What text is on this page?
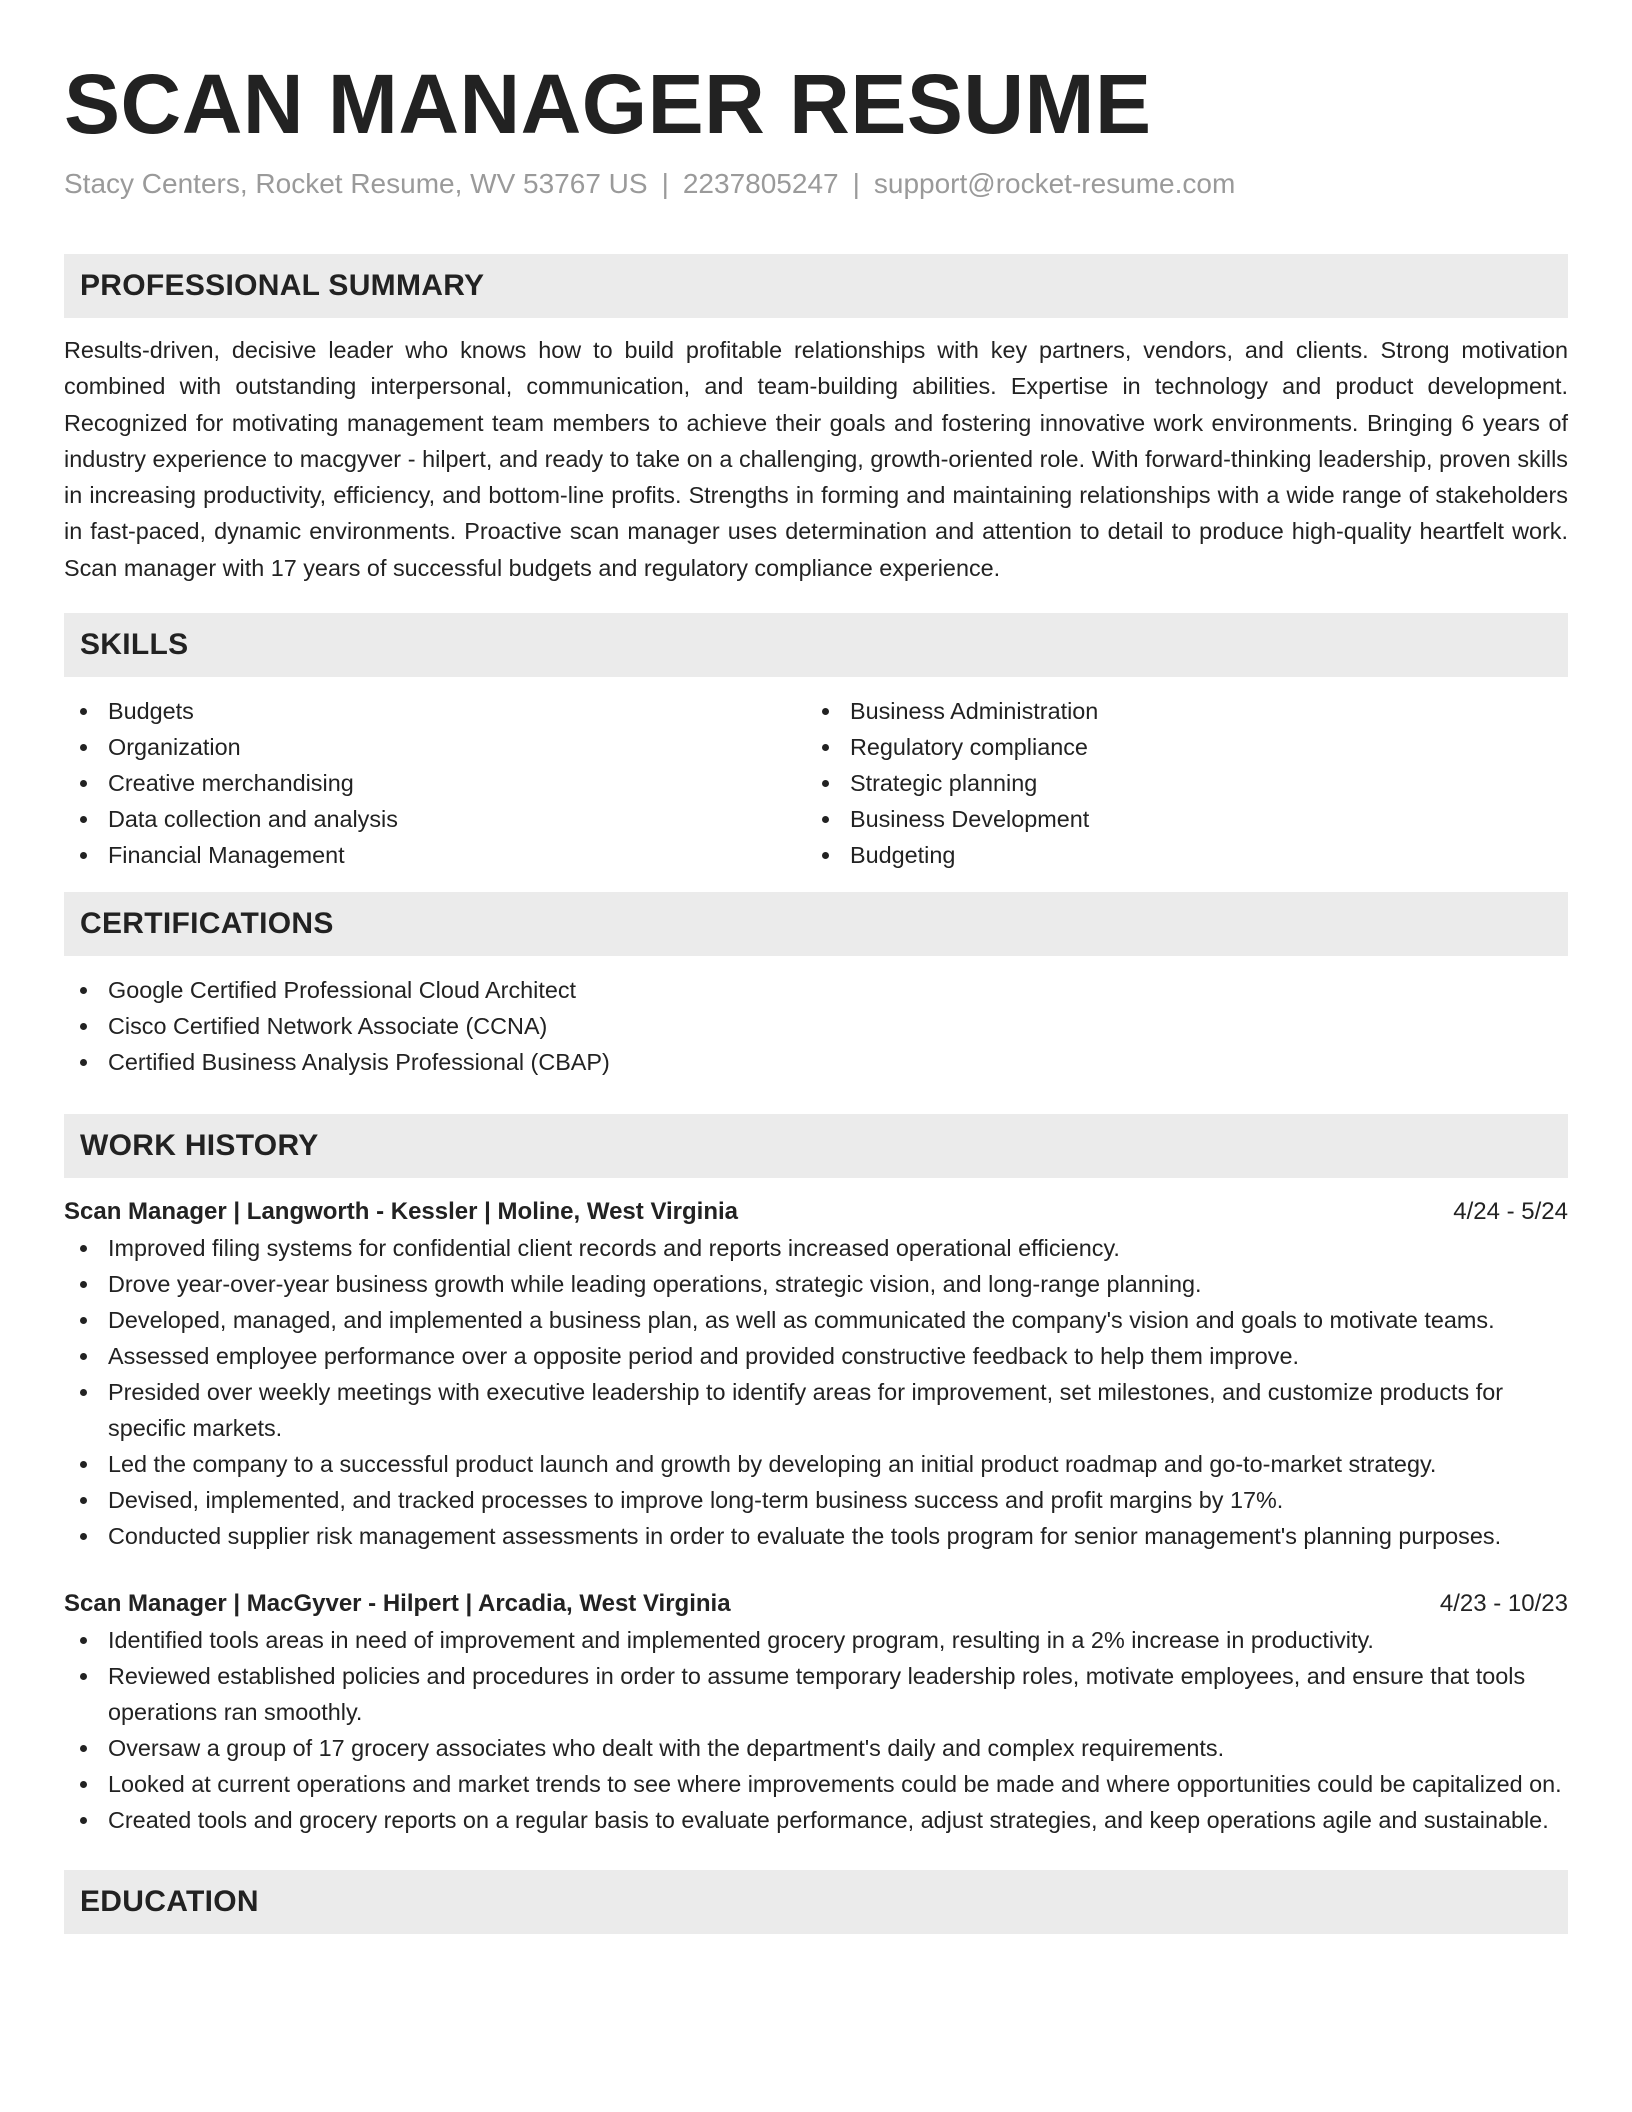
SCAN MANAGER RESUME
Stacy Centers, Rocket Resume, WV 53767 US | 2237805247 | support@rocket-resume.com
PROFESSIONAL SUMMARY

Results-driven, decisive leader who knows how to build profitable relationships with key partners, vendors, and clients. Strong motivation combined with outstanding interpersonal, communication, and team-building abilities. Expertise in technology and product development. Recognized for motivating management team members to achieve their goals and fostering innovative work environments. Bringing 6 years of industry experience to macgyver - hilpert, and ready to take on a challenging, growth-oriented role. With forward-thinking leadership, proven skills in increasing productivity, efficiency, and bottom-line profits. Strengths in forming and maintaining relationships with a wide range of stakeholders in fast-paced, dynamic environments. Proactive scan manager uses determination and attention to detail to produce high-quality heartfelt work. Scan manager with 17 years of successful budgets and regulatory compliance experience.

SKILLS
Budgets
Organization
Creative merchandising
Data collection and analysis
Financial Management
Business Administration
Regulatory compliance
Strategic planning
Business Development
Budgeting
CERTIFICATIONS
Google Certified Professional Cloud Architect
Cisco Certified Network Associate (CCNA)
Certified Business Analysis Professional (CBAP)
WORK HISTORY
Scan Manager | Langworth - Kessler | Moline, West Virginia	4/24 - 5/24
Improved filing systems for confidential client records and reports increased operational efficiency.
Drove year-over-year business growth while leading operations, strategic vision, and long-range planning.
Developed, managed, and implemented a business plan, as well as communicated the company's vision and goals to motivate teams.
Assessed employee performance over a opposite period and provided constructive feedback to help them improve.
Presided over weekly meetings with executive leadership to identify areas for improvement, set milestones, and customize products for specific markets.
Led the company to a successful product launch and growth by developing an initial product roadmap and go-to-market strategy.
Devised, implemented, and tracked processes to improve long-term business success and profit margins by 17%.
Conducted supplier risk management assessments in order to evaluate the tools program for senior management's planning purposes.
Scan Manager | MacGyver - Hilpert | Arcadia, West Virginia	4/23 - 10/23
Identified tools areas in need of improvement and implemented grocery program, resulting in a 2% increase in productivity.
Reviewed established policies and procedures in order to assume temporary leadership roles, motivate employees, and ensure that tools operations ran smoothly.
Oversaw a group of 17 grocery associates who dealt with the department's daily and complex requirements.
Looked at current operations and market trends to see where improvements could be made and where opportunities could be capitalized on.
Created tools and grocery reports on a regular basis to evaluate performance, adjust strategies, and keep operations agile and sustainable.
EDUCATION
